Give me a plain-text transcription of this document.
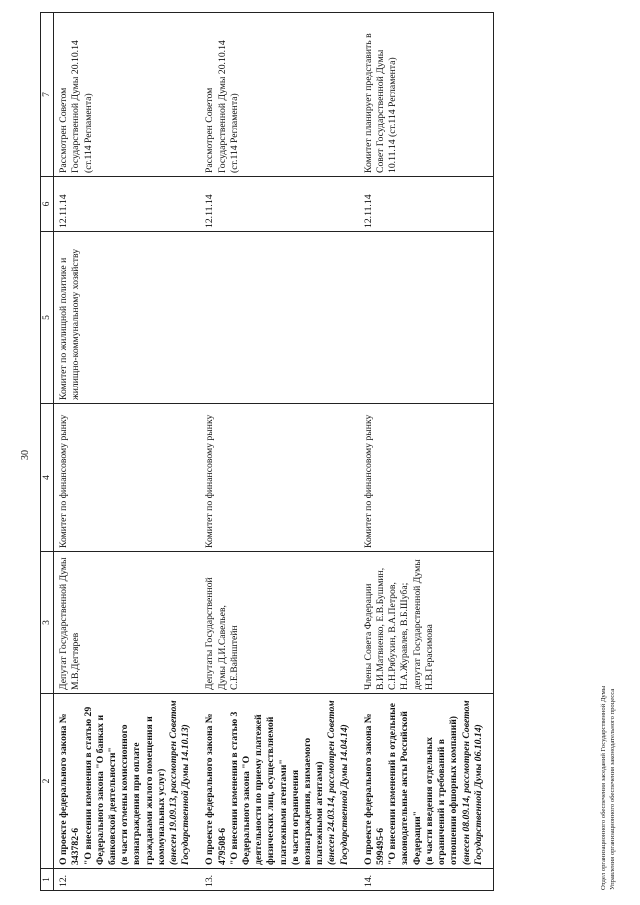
30
1	2	3	4	5	6	7
12.	О проекте федерального закона № 343782-6 "О внесении изменения в статью 29 Федерального закона "О банках и банковской деятельности" (в части отмены комиссионного вознаграждения при оплате гражданами жилого помещения и коммунальных услуг) (внесен 19.09.13, рассмотрен Советом Государственной Думы 14.10.13)	Депутат Государственной Думы М.В.Дегтярев	Комитет по финансовому рынку	Комитет по жилищной политике и жилищно-коммунальному хозяйству	12.11.14	Рассмотрен Советом Государственной Думы 20.10.14 (ст.114 Регламента)
13.	О проекте федерального закона № 479508-6 "О внесении изменения в статью 3 Федерального закона "О деятельности по приему платежей физических лиц, осуществляемой платежными агентами" (в части ограничения вознаграждения, взимаемого платежными агентами) (внесен 24.03.14, рассмотрен Советом Государственной Думы 14.04.14)	Депутаты Государственной Думы Д.И.Савельев, С.Е.Вайнштейн	Комитет по финансовому рынку		12.11.14	Рассмотрен Советом Государственной Думы 20.10.14 (ст.114 Регламента)
14.	О проекте федерального закона № 599495-6 "О внесении изменений в отдельные законодательные акты Российской Федерации" (в части введения отдельных ограничений и требований в отношении офшорных компаний) (внесен 08.09.14, рассмотрен Советом Государственной Думы 06.10.14)	Члены Совета Федерации В.И.Матвиенко, Е.В.Бушмин, С.Н.Рябухин, В.А.Петров, Н.А.Журавлев, В.Б.Шуба; депутат Государственной Думы Н.В.Герасимова	Комитет по финансовому рынку		12.11.14	Комитет планирует представить в Совет Государственной Думы 10.11.14 (ст.114 Регламента)
Отдел организационного обеспечения заседаний Государственной Думы Управления организационного обеспечения законодательного процесса
